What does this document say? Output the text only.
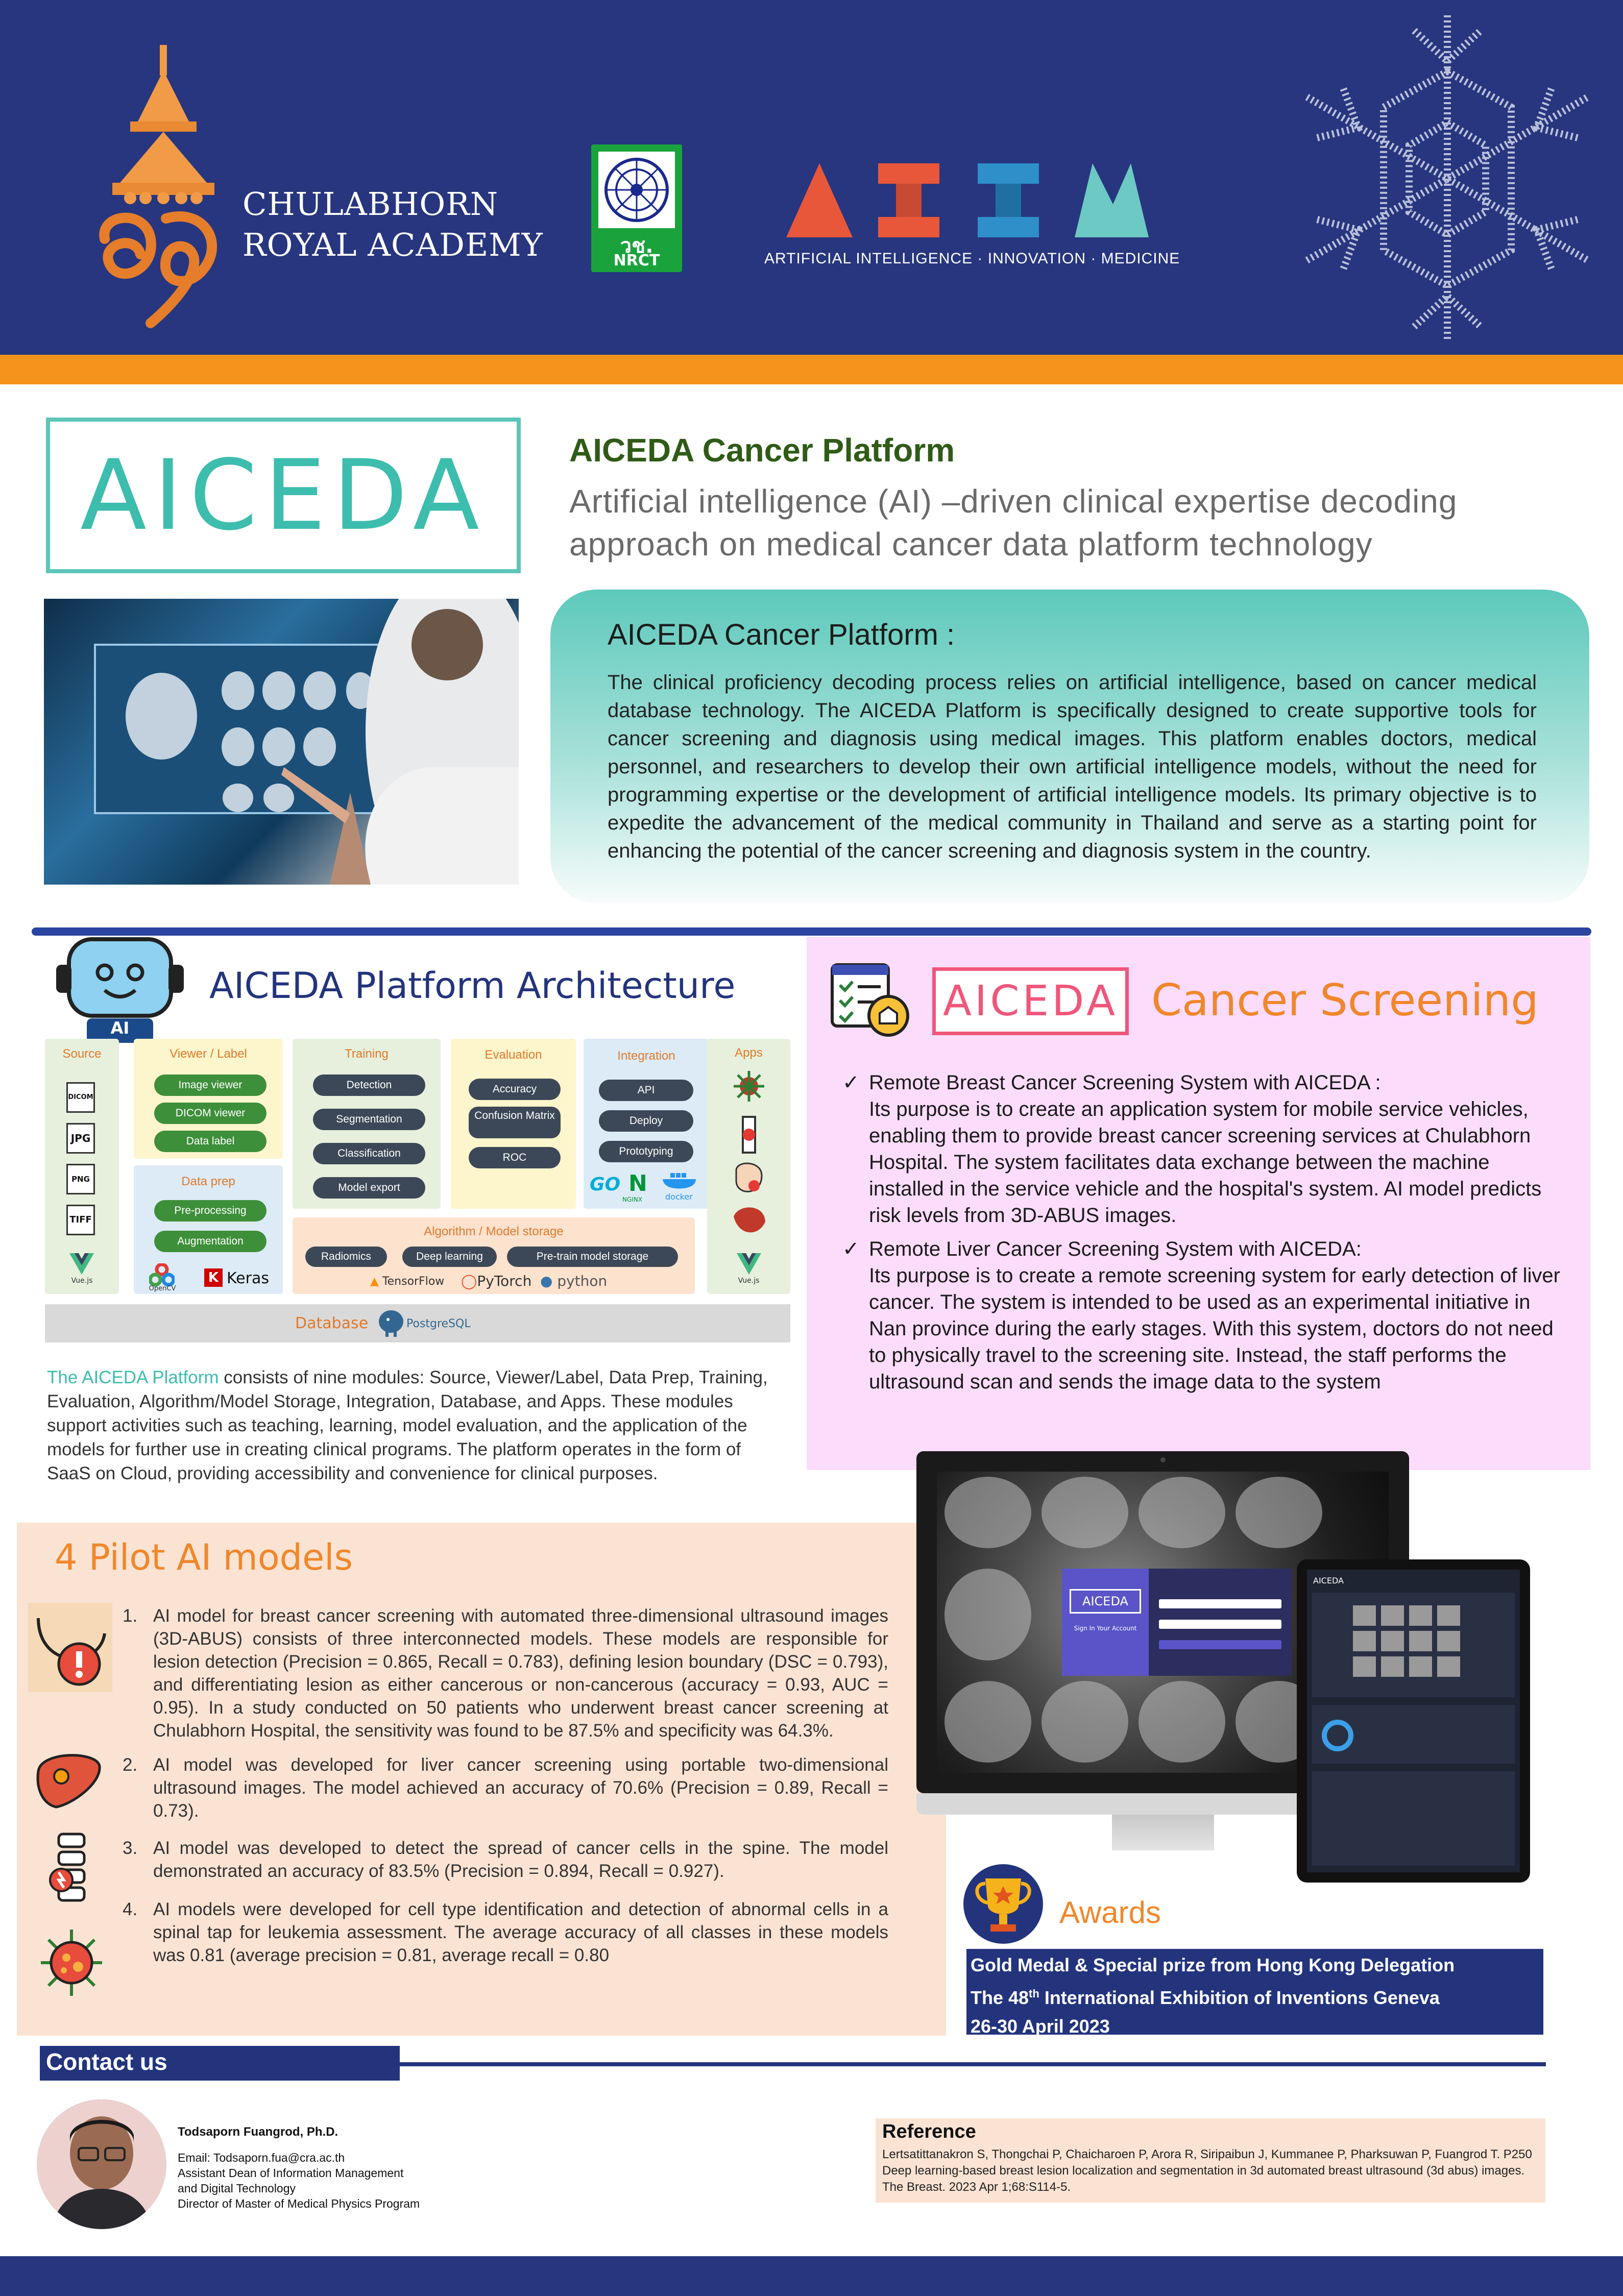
CHULABHORN
ROYAL ACADEMY	วช.
NRCT	ARTIFICIAL INTELLIGENCE · INNOVATION · MEDICINE
AICEDA	AICEDA Cancer Platform
Artificial intelligence (AI) –driven clinical expertise decoding
approach on medical cancer data platform technology
AICEDA Cancer Platform :
The clinical proficiency decoding process relies on artificial intelligence, based on cancer medical database technology. The AICEDA Platform is specifically designed to create supportive tools for cancer screening and diagnosis using medical images. This platform enables doctors, medical personnel, and researchers to develop their own artificial intelligence models, without the need for programming expertise or the development of artificial intelligence models. Its primary objective is to expedite the advancement of the medical community in Thailand and serve as a starting point for enhancing the potential of the cancer screening and diagnosis system in the country.
AI
AICEDA Platform Architecture
Source
DICOM
JPG
PNG
TIFF
Vue.js
Viewer / Label
Image viewer
DICOM viewer
Data label
Data prep
Pre-processing
Augmentation
OpenCV
K Keras
Training
Detection
Segmentation
Classification
Model export
Evaluation
Accuracy
Confusion Matrix
ROC
Integration
API
Deploy
Prototyping
GO N
NGINX	docker
Algorithm / Model storage
Radiomics	Deep learning	Pre-train model storage
▲ TensorFlow ◯PyTorch ● python
Apps
Vue.js
Database	PostgreSQL
The AICEDA Platform consists of nine modules: Source, Viewer/Label, Data Prep, Training, Evaluation, Algorithm/Model Storage, Integration, Database, and Apps. These modules support activities such as teaching, learning, model evaluation, and the application of the models for further use in creating clinical programs. The platform operates in the form of SaaS on Cloud, providing accessibility and convenience for clinical purposes.
AICEDA Cancer Screening
✓ Remote Breast Cancer Screening System with AICEDA :
Its purpose is to create an application system for mobile service vehicles, enabling them to provide breast cancer screening services at Chulabhorn Hospital. The system facilitates data exchange between the machine installed in the service vehicle and the hospital's system. AI model predicts risk levels from 3D-ABUS images.
✓ Remote Liver Cancer Screening System with AICEDA:
Its purpose is to create a remote screening system for early detection of liver cancer. The system is intended to be used as an experimental initiative in Nan province during the early stages. With this system, doctors do not need to physically travel to the screening site. Instead, the staff performs the ultrasound scan and sends the image data to the system
4 Pilot AI models
1. AI model for breast cancer screening with automated three-dimensional ultrasound images (3D-ABUS) consists of three interconnected models. These models are responsible for lesion detection (Precision = 0.865, Recall = 0.783), defining lesion boundary (DSC = 0.793), and differentiating lesion as either cancerous or non-cancerous (accuracy = 0.93, AUC = 0.95). In a study conducted on 50 patients who underwent breast cancer screening at Chulabhorn Hospital, the sensitivity was found to be 87.5% and specificity was 64.3%.
2. AI model was developed for liver cancer screening using portable two-dimensional ultrasound images. The model achieved an accuracy of 70.6% (Precision = 0.89, Recall = 0.73).
3. AI model was developed to detect the spread of cancer cells in the spine. The model demonstrated an accuracy of 83.5% (Precision = 0.894, Recall = 0.927).
4. AI models were developed for cell type identification and detection of abnormal cells in a spinal tap for leukemia assessment. The average accuracy of all classes in these models was 0.81 (average precision = 0.81, average recall = 0.80
AICEDA
Sign In Your Account
AICEDA
Awards
Gold Medal & Special prize from Hong Kong Delegation
The 48th International Exhibition of Inventions Geneva
26-30 April 2023
Contact us
Todsaporn Fuangrod, Ph.D.
Email: Todsaporn.fua@cra.ac.th
Assistant Dean of Information Management
and Digital Technology
Director of Master of Medical Physics Program
Reference
Lertsatittanakron S, Thongchai P, Chaicharoen P, Arora R, Siripaibun J, Kummanee P, Pharksuwan P, Fuangrod T. P250 Deep learning-based breast lesion localization and segmentation in 3d automated breast ultrasound (3d abus) images. The Breast. 2023 Apr 1;68:S114-5.
